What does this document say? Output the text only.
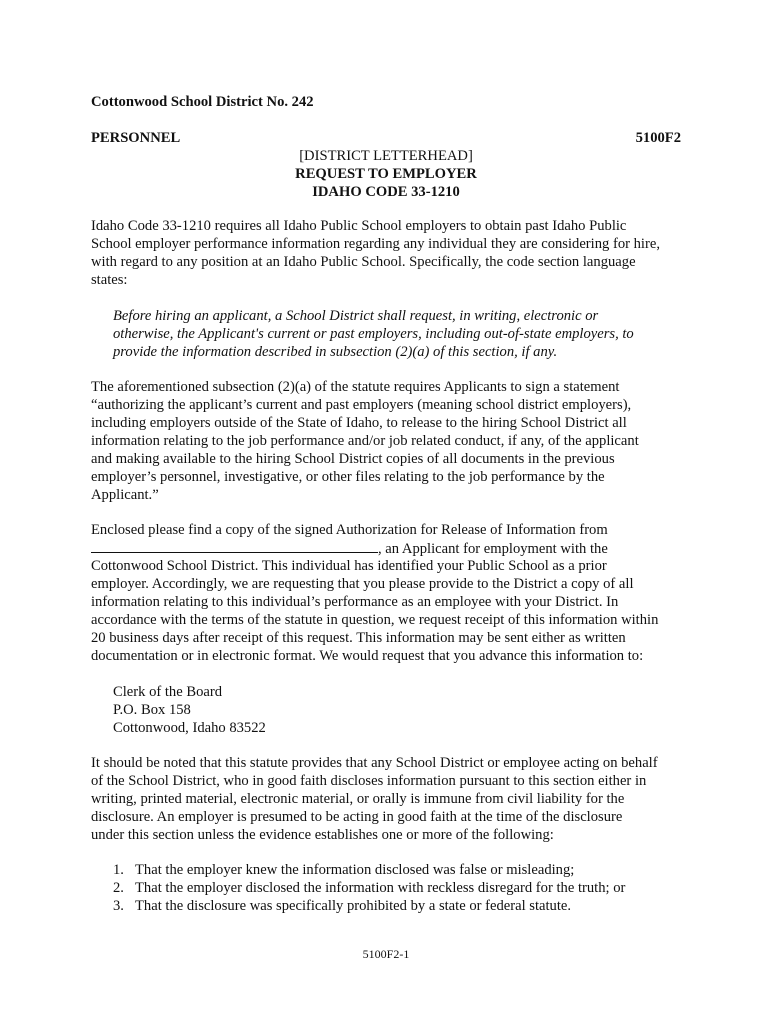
Cottonwood School District No. 242
PERSONNEL	5100F2
[DISTRICT LETTERHEAD]
REQUEST TO EMPLOYER
IDAHO CODE 33-1210
Idaho Code 33-1210 requires all Idaho Public School employers to obtain past Idaho Public
School employer performance information regarding any individual they are considering for hire,
with regard to any position at an Idaho Public School. Specifically, the code section language
states:
Before hiring an applicant, a School District shall request, in writing, electronic or
otherwise, the Applicant's current or past employers, including out-of-state employers, to
provide the information described in subsection (2)(a) of this section, if any.
The aforementioned subsection (2)(a) of the statute requires Applicants to sign a statement
“authorizing the applicant’s current and past employers (meaning school district employers),
including employers outside of the State of Idaho, to release to the hiring School District all
information relating to the job performance and/or job related conduct, if any, of the applicant
and making available to the hiring School District copies of all documents in the previous
employer’s personnel, investigative, or other files relating to the job performance by the
Applicant.”
Enclosed please find a copy of the signed Authorization for Release of Information from
, an Applicant for employment with the
Cottonwood School District. This individual has identified your Public School as a prior
employer. Accordingly, we are requesting that you please provide to the District a copy of all
information relating to this individual’s performance as an employee with your District. In
accordance with the terms of the statute in question, we request receipt of this information within
20 business days after receipt of this request. This information may be sent either as written
documentation or in electronic format. We would request that you advance this information to:
Clerk of the Board
P.O. Box 158
Cottonwood, Idaho 83522
It should be noted that this statute provides that any School District or employee acting on behalf
of the School District, who in good faith discloses information pursuant to this section either in
writing, printed material, electronic material, or orally is immune from civil liability for the
disclosure. An employer is presumed to be acting in good faith at the time of the disclosure
under this section unless the evidence establishes one or more of the following:
1. That the employer knew the information disclosed was false or misleading;
2. That the employer disclosed the information with reckless disregard for the truth; or
3. That the disclosure was specifically prohibited by a state or federal statute.
5100F2-1
